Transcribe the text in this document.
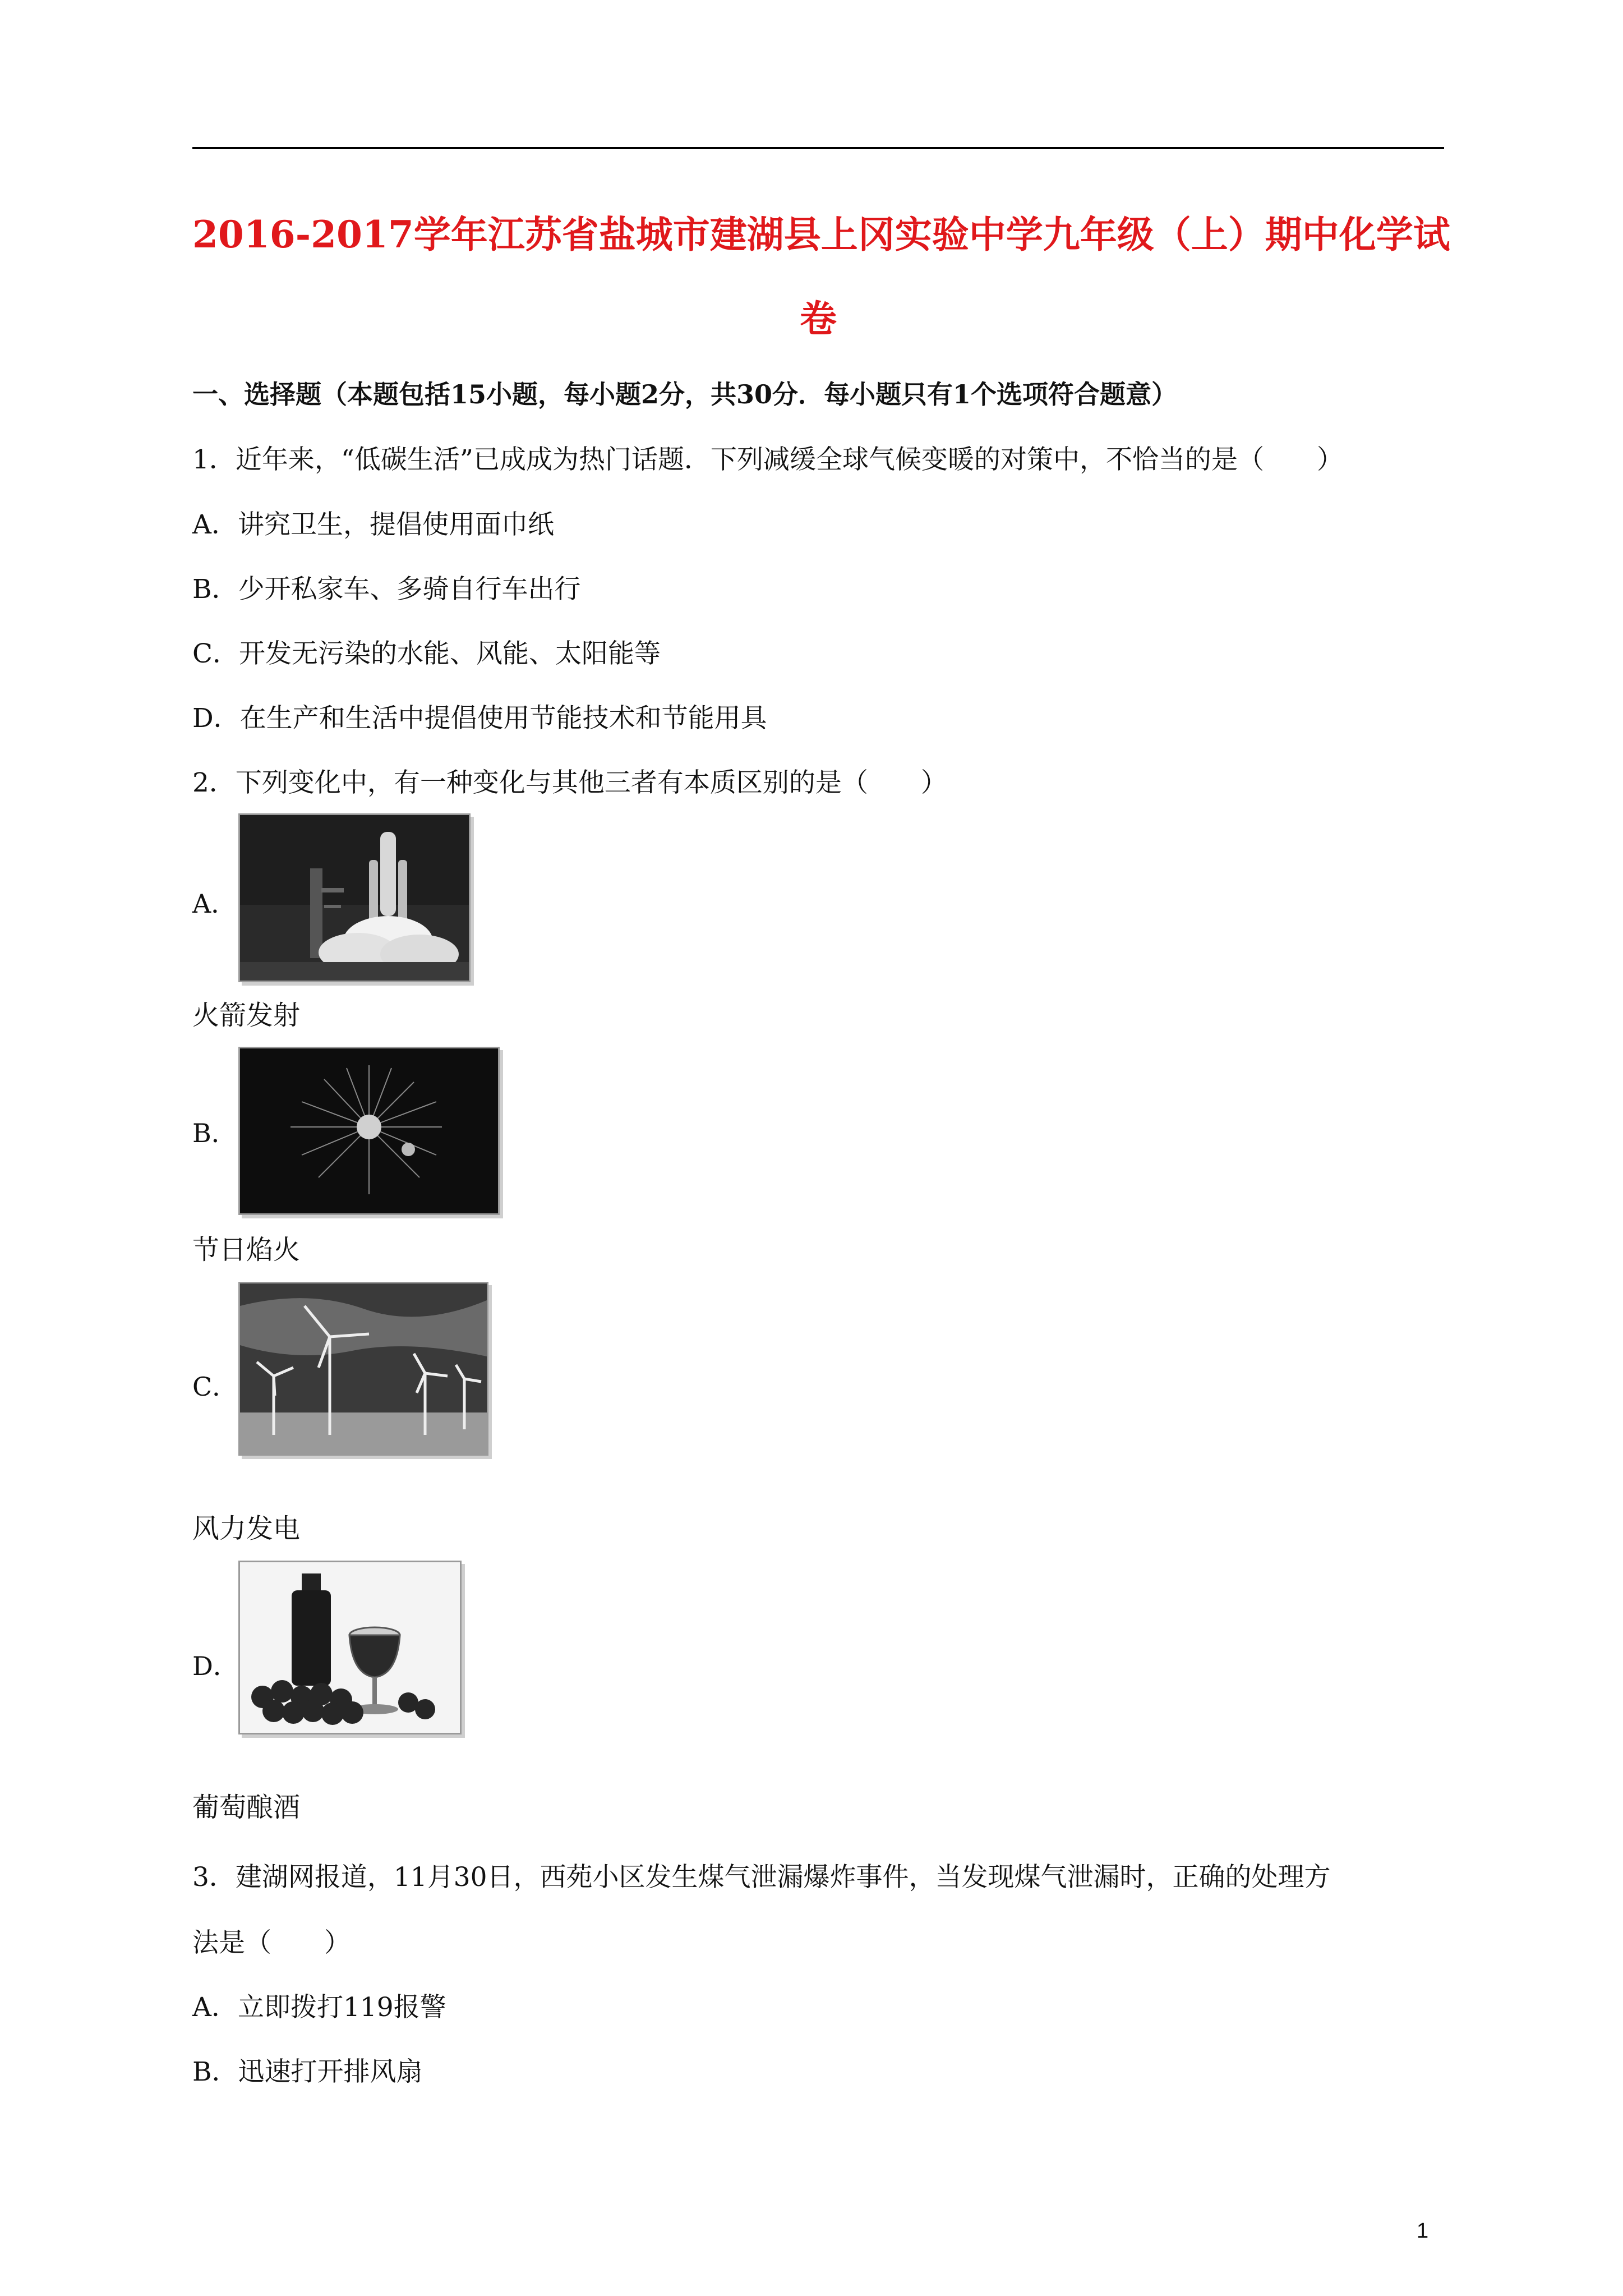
2016-2017学年江苏省盐城市建湖县上冈实验中学九年级（上）期中化学试
卷
一、选择题（本题包括15小题，每小题2分，共30分．每小题只有1个选项符合题意）
1．近年来，“低碳生活”已成成为热门话题．下列减缓全球气候变暖的对策中，不恰当的是（　　）
A．讲究卫生，提倡使用面巾纸
B．少开私家车、多骑自行车出行
C．开发无污染的水能、风能、太阳能等
D．在生产和生活中提倡使用节能技术和节能用具
2．下列变化中，有一种变化与其他三者有本质区别的是（　　）
A．
火箭发射
B．
节日焰火
C．
风力发电
D．
葡萄酿酒
3．建湖网报道，11月30日，西苑小区发生煤气泄漏爆炸事件，当发现煤气泄漏时，正确的处理方
法是（　　）
A．立即拨打119报警
B．迅速打开排风扇
1
